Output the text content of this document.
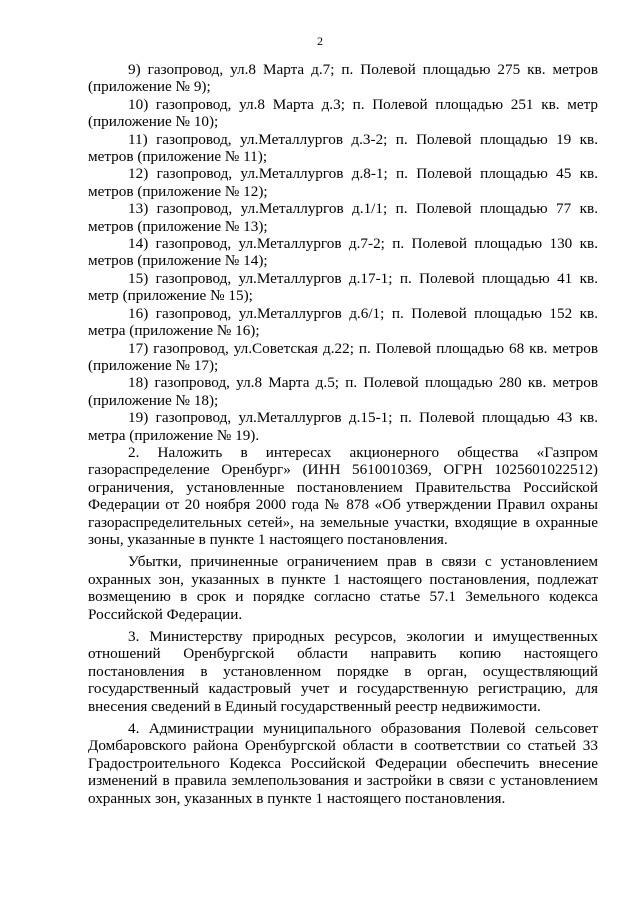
2

9) газопровод, ул.8 Марта д.7; п. Полевой площадью 275 кв. метров (приложение № 9);

10) газопровод, ул.8 Марта д.3; п. Полевой площадью 251 кв. метр (приложение № 10);

11) газопровод, ул.Металлургов д.3-2; п. Полевой площадью 19 кв. метров (приложение № 11);

12) газопровод, ул.Металлургов д.8-1; п. Полевой площадью 45 кв. метров (приложение № 12);

13) газопровод, ул.Металлургов д.1/1; п. Полевой площадью 77 кв. метров (приложение № 13);

14) газопровод, ул.Металлургов д.7-2; п. Полевой площадью 130 кв. метров (приложение № 14);

15) газопровод, ул.Металлургов д.17-1; п. Полевой площадью 41 кв. метр (приложение № 15);

16) газопровод, ул.Металлургов д.6/1; п. Полевой площадью 152 кв. метра (приложение № 16);

17) газопровод, ул.Советская д.22; п. Полевой площадью 68 кв. метров (приложение № 17);

18) газопровод, ул.8 Марта д.5; п. Полевой площадью 280 кв. метров (приложение № 18);

19) газопровод, ул.Металлургов д.15-1; п. Полевой площадью 43 кв. метра (приложение № 19).

2. Наложить в интересах акционерного общества «Газпром газораспределение Оренбург» (ИНН 5610010369, ОГРН 1025601022512) ограничения, установленные постановлением Правительства Российской Федерации от 20 ноября 2000 года № 878 «Об утверждении Правил охраны газораспределительных сетей», на земельные участки, входящие в охранные зоны, указанные в пункте 1 настоящего постановления.

Убытки, причиненные ограничением прав в связи с установлением охранных зон, указанных в пункте 1 настоящего постановления, подлежат возмещению в срок и порядке согласно статье 57.1 Земельного кодекса Российской Федерации.

3. Министерству природных ресурсов, экологии и имущественных отношений Оренбургской области направить копию настоящего постановления в установленном порядке в орган, осуществляющий государственный кадастровый учет и государственную регистрацию, для внесения сведений в Единый государственный реестр недвижимости.

4. Администрации муниципального образования Полевой сельсовет Домбаровского района Оренбургской области в соответствии со статьей 33 Градостроительного Кодекса Российской Федерации обеспечить внесение изменений в правила землепользования и застройки в связи с установлением охранных зон, указанных в пункте 1 настоящего постановления.
